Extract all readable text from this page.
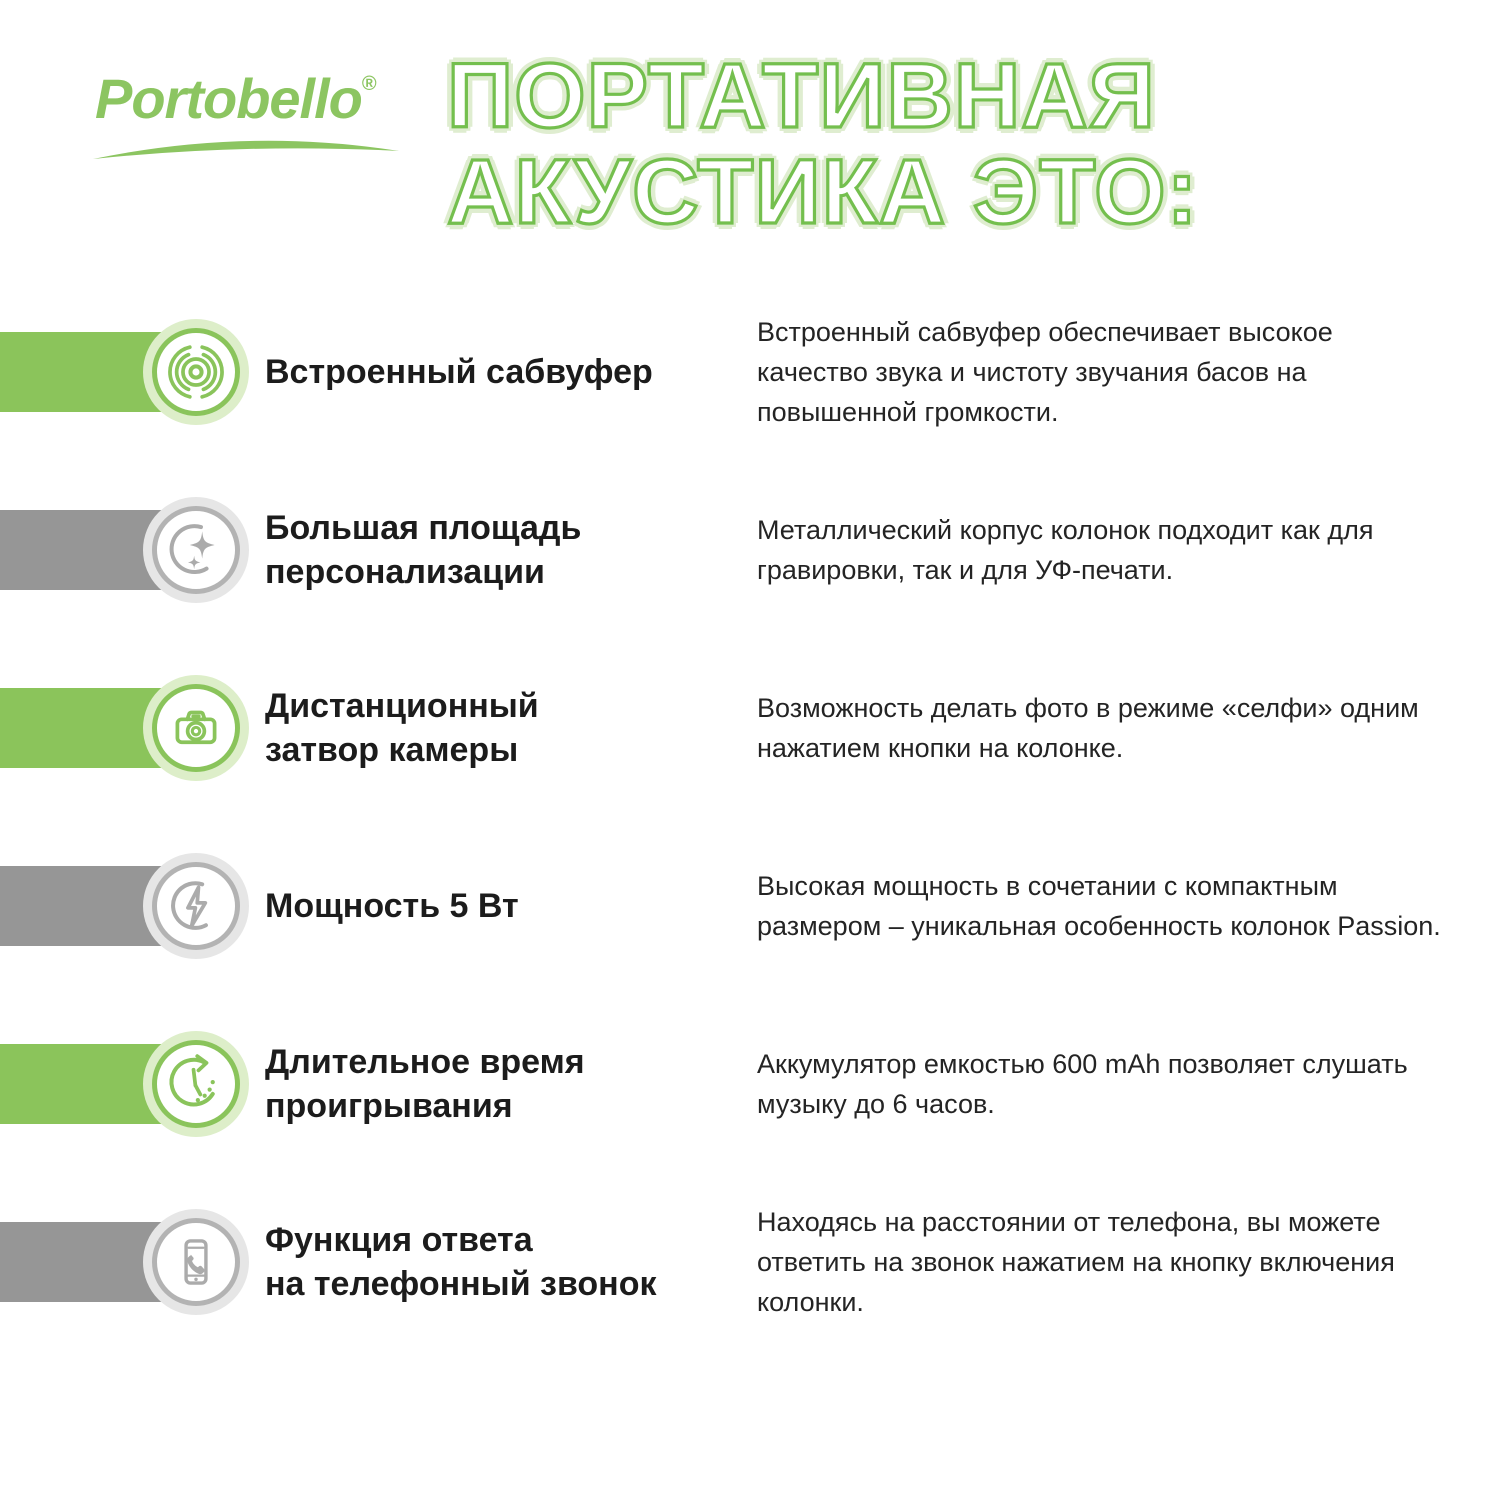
Portobello® ПОРТАТИВНАЯ
АКУСТИКА ЭТО:
Встроенный сабвуфер
Встроенный сабвуфер обеспечивает высокое качество звука и чистоту звучания басов на повышенной громкости.
Большая площадь
персонализации
Металлический корпус колонок подходит как для гравировки, так и для УФ-печати.
Дистанционный
затвор камеры
Возможность делать фото в режиме «селфи» одним нажатием кнопки на колонке.
Мощность 5 Вт
Высокая мощность в сочетании с компактным размером – уникальная особенность колонок Passion.
Длительное время
проигрывания
Аккумулятор емкостью 600 mAh позволяет слушать музыку до 6 часов.
Функция ответа
на телефонный звонок
Находясь на расстоянии от телефона, вы можете ответить на звонок нажатием на кнопку включения колонки.
